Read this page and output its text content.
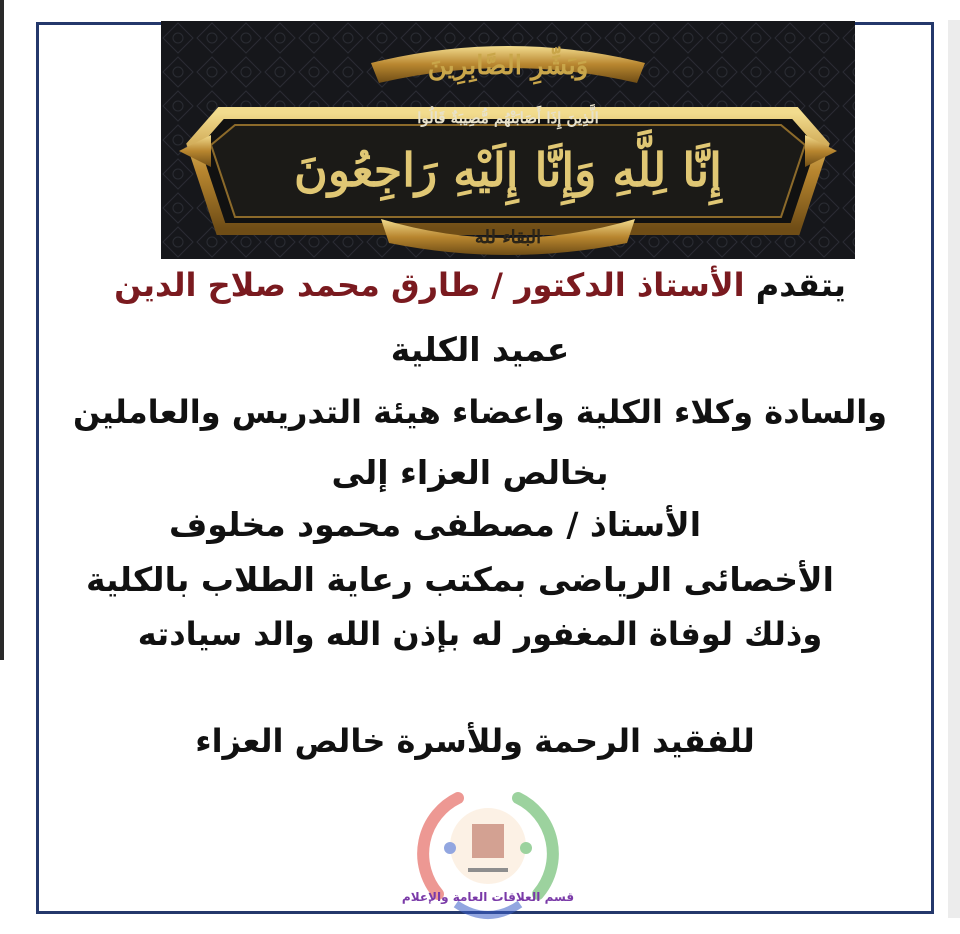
وَبَشِّرِ الصَّابِرِينَ
الَّذِينَ إِذَا أَصَابَتْهُم مُّصِيبَةٌ قَالُوا
إِنَّا لِلَّهِ وَإِنَّا إِلَيْهِ رَاجِعُونَ
البقاء لله
يتقدم الأستاذ الدكتور / طارق محمد صلاح الدين
عميد الكلية
والسادة وكلاء الكلية واعضاء هيئة التدريس والعاملين
بخالص العزاء إلى
الأستاذ / مصطفى محمود مخلوف
الأخصائى الرياضى بمكتب رعاية الطلاب بالكلية
وذلك لوفاة المغفور له بإذن الله والد سيادته
للفقيد الرحمة وللأسرة خالص العزاء
قسم العلاقات العامة والإعلام
